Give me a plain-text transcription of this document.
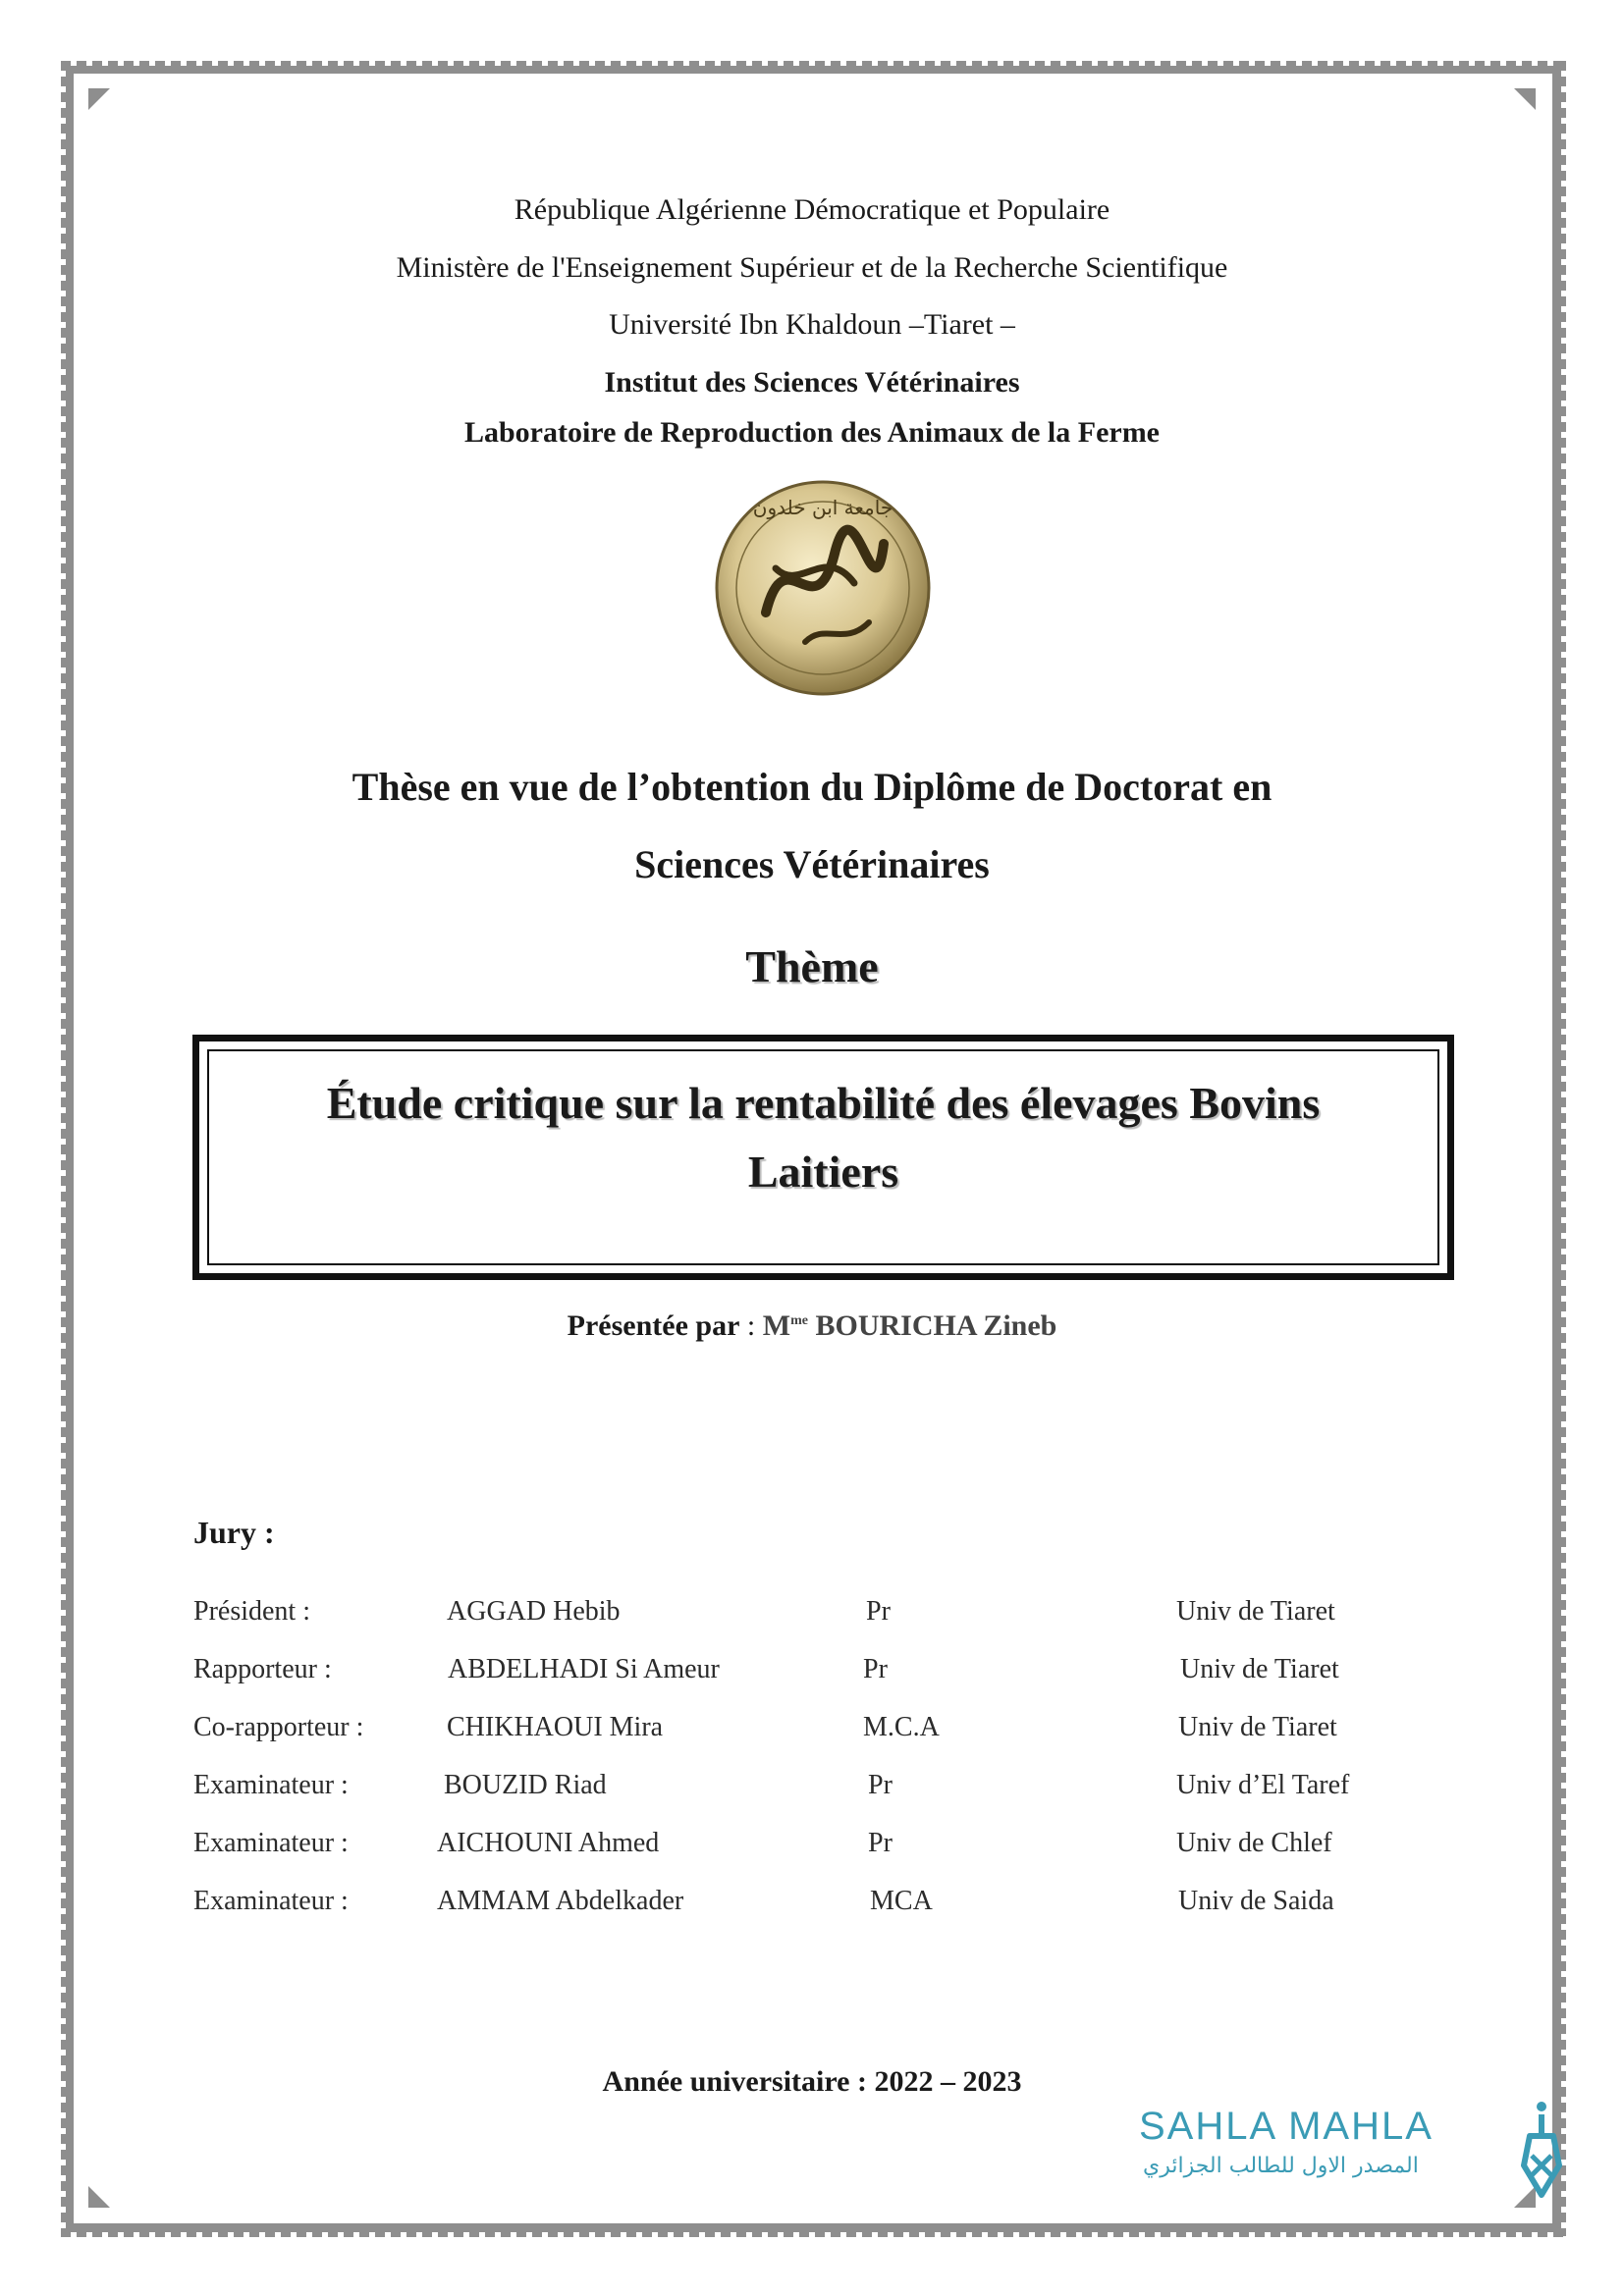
République Algérienne Démocratique et Populaire
Ministère de l'Enseignement Supérieur et de la Recherche Scientifique
Université Ibn Khaldoun –Tiaret –
Institut des Sciences Vétérinaires
Laboratoire de Reproduction des Animaux de la Ferme
جامعة ابن خلدون
Thèse en vue de l’obtention du Diplôme de Doctorat en
Sciences Vétérinaires
Thème
Étude critique sur la rentabilité des élevages Bovins
Laitiers
Présentée par : $M^{me}$ BOURICHA Zineb
Jury :
Président :	AGGAD Hebib	Pr	Univ de Tiaret
Rapporteur :	ABDELHADI Si Ameur	Pr	Univ de Tiaret
Co-rapporteur :	CHIKHAOUI Mira	M.C.A	Univ de Tiaret
Examinateur :	BOUZID Riad	Pr	Univ d’El Taref
Examinateur :	AICHOUNI Ahmed	Pr	Univ de Chlef
Examinateur :	AMMAM Abdelkader	MCA	Univ de Saida
Année universitaire : 2022 – 2023
SAHLA MAHLA
المصدر الاول للطالب الجزائري
